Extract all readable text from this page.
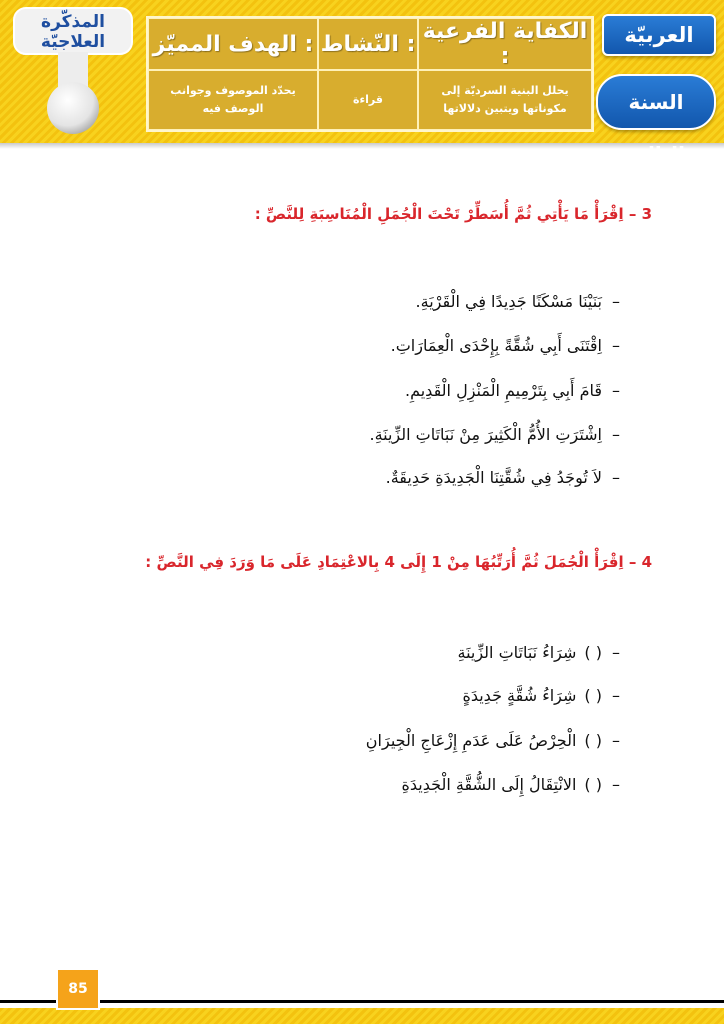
العربيّة
السنة الثالثة
الكفاية الفرعية :
يحلل البنية السرديّة إلى مكوناتها ويتبين دلالاتها
النّشاط :
قراءة
الهدف المميّز :
يحدّد الموصوف وجوانب الوصف فيه
المذكّرة العلاجيّة
3 – اِقْرَأْ مَا يَأْتِي ثُمَّ أُسَطِّرْ تَحْتَ الْجُمَلِ الْمُنَاسِبَةِ لِلنَّصِّ :
–بَنَيْنَا مَسْكَنًا جَدِيدًا فِي الْقَرْيَةِ.
–اِقْتَنَى أَبِي شُقَّةً بِإِحْدَى الْعِمَارَاتِ.
–قَامَ أَبِي بِتَرْمِيمِ الْمَنْزِلِ الْقَدِيمِ.
–اِشْتَرَتِ الأُمُّ الْكَثِيرَ مِنْ نَبَاتَاتِ الزِّينَةِ.
–لاَ تُوجَدُ فِي شُقَّتِنَا الْجَدِيدَةِ حَدِيقَةٌ.
4 – اِقْرَأْ الْجُمَلَ ثُمَّ أُرَتِّبُهَا مِنْ 1 إِلَى 4 بِالاعْتِمَادِ عَلَى مَا وَرَدَ فِي النَّصِّ :
–( )شِرَاءُ نَبَاتَاتِ الزِّينَةِ
–( )شِرَاءُ شُقَّةٍ جَدِيدَةٍ
–( )الْحِرْصُ عَلَى عَدَمِ إِزْعَاجِ الْجِيرَانِ
–( )الانْتِقَالُ إِلَى الشُّقَّةِ الْجَدِيدَةِ
85
